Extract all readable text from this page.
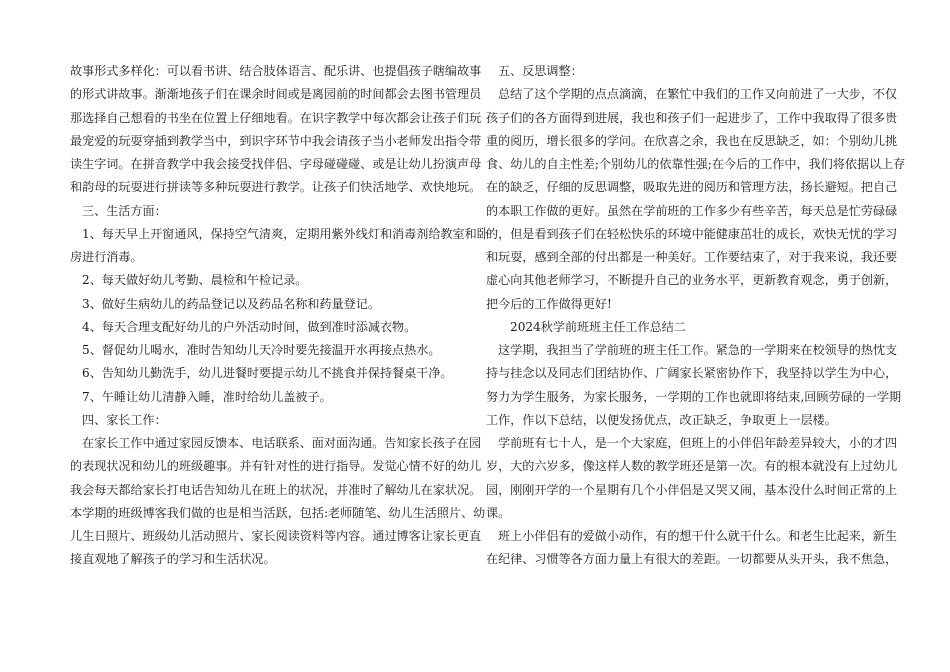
故事形式多样化：可以看书讲、结合肢体语言、配乐讲、也提倡孩子瞎编故事
的形式讲故事。渐渐地孩子们在课余时间或是离园前的时间都会去图书管理员
那选择自己想看的书坐在位置上仔细地看。在识字教学中每次都会让孩子们玩
最宠爱的玩耍穿插到教学当中，到识字环节中我会请孩子当小老师发出指令带
读生字词。在拼音教学中我会接受找伴侣、字母碰碰碰、或是让幼儿扮演声母
和韵母的玩耍进行拼读等多种玩耍进行教学。让孩子们快活地学、欢快地玩。
三、生活方面：
1、每天早上开窗通风，保持空气清爽，定期用紫外线灯和消毒剂给教室和卧
房进行消毒。
2、每天做好幼儿考勤、晨检和午检记录。
3、做好生病幼儿的药品登记以及药品名称和药量登记。
4、每天合理支配好幼儿的户外活动时间，做到准时添减衣物。
5、督促幼儿喝水，准时告知幼儿天冷时要先接温开水再接点热水。
6、告知幼儿勤洗手，幼儿进餐时要提示幼儿不挑食并保持餐桌干净。
7、午睡让幼儿清静入睡，准时给幼儿盖被子。
四、家长工作：
在家长工作中通过家园反馈本、电话联系、面对面沟通。告知家长孩子在园
的表现状况和幼儿的班级趣事。并有针对性的进行指导。发觉心情不好的幼儿
我会每天都给家长打电话告知幼儿在班上的状况，并准时了解幼儿在家状况。
本学期的班级博客我们做的也是相当活跃，包括:老师随笔、幼儿生活照片、幼
儿生日照片、班级幼儿活动照片、家长阅读资料等内容。通过博客让家长更直
接直观地了解孩子的学习和生活状况。
五、反思调整：
总结了这个学期的点点滴滴，在繁忙中我们的工作又向前进了一大步，不仅
孩子们的各方面得到进展，我也和孩子们一起进步了，工作中我取得了很多贵
重的阅历，增长很多的学问。在欣喜之余，我也在反思缺乏，如：个别幼儿挑
食、幼儿的自主性差;个别幼儿的依靠性强;在今后的工作中，我们将依据以上存
在的缺乏，仔细的反思调整，吸取先进的阅历和管理方法，扬长避短。把自己
的本职工作做的更好。虽然在学前班的工作多少有些辛苦，每天总是忙劳碌碌
的，但是看到孩子们在轻松快乐的环境中能健康茁壮的成长，欢快无忧的学习
和玩耍，感到全部的付出都是一种美好。工作要结束了，对于我来说，我还要
虚心向其他老师学习，不断提升自己的业务水平，更新教育观念，勇于创新，
把今后的工作做得更好!
2024秋学前班班主任工作总结二
这学期，我担当了学前班的班主任工作。紧急的一学期来在校领导的热忱支
持与挂念以及同志们团结协作、广阔家长紧密协作下，我坚持以学生为中心，
努力为学生服务，为家长服务，一学期的工作也就即将结束,回顾劳碌的一学期
工作，作以下总结，以便发扬优点，改正缺乏，争取更上一层楼。
学前班有七十人，是一个大家庭，但班上的小伴侣年龄差异较大，小的才四
岁，大的六岁多，像这样人数的教学班还是第一次。有的根本就没有上过幼儿
园，刚刚开学的一个星期有几个小伴侣是又哭又闹，基本没什么时间正常的上
课。
班上小伴侣有的爱做小动作，有的想干什么就干什么。和老生比起来，新生
在纪律、习惯等各方面力量上有很大的差距。一切都要从头开头，我不焦急，
